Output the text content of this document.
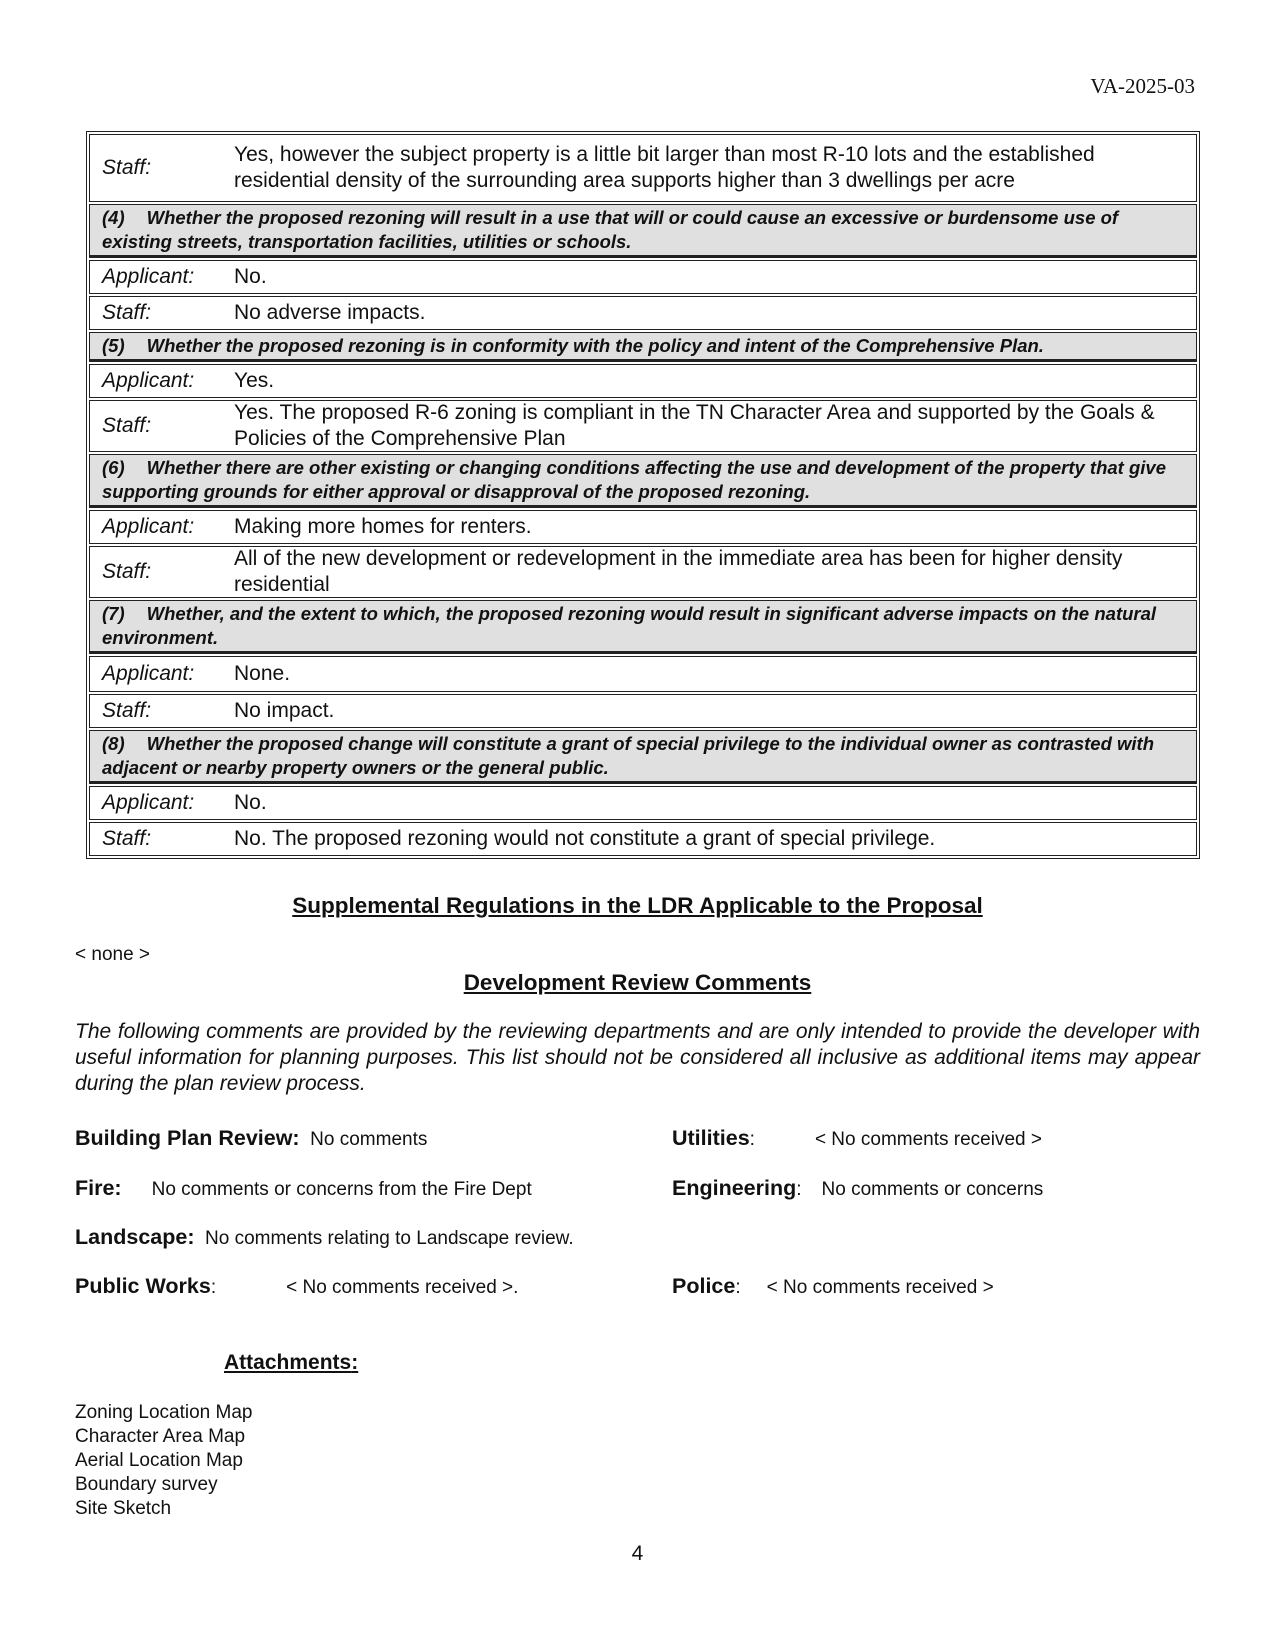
VA-2025-03
Staff:
Yes, however the subject property is a little bit larger than most R-10 lots and the established residential density of the surrounding area supports higher than 3 dwellings per acre
(4) Whether the proposed rezoning will result in a use that will or could cause an excessive or burdensome use of existing streets, transportation facilities, utilities or schools.
Applicant:	No.
Staff:	No adverse impacts.
(5) Whether the proposed rezoning is in conformity with the policy and intent of the Comprehensive Plan.
Applicant:	Yes.
Staff:
Yes. The proposed R-6 zoning is compliant in the TN Character Area and supported by the Goals & Policies of the Comprehensive Plan
(6) Whether there are other existing or changing conditions affecting the use and development of the property that give supporting grounds for either approval or disapproval of the proposed rezoning.
Applicant:	Making more homes for renters.
Staff:
All of the new development or redevelopment in the immediate area has been for higher density residential
(7) Whether, and the extent to which, the proposed rezoning would result in significant adverse impacts on the natural environment.
Applicant:	None.
Staff:	No impact.
(8) Whether the proposed change will constitute a grant of special privilege to the individual owner as contrasted with adjacent or nearby property owners or the general public.
Applicant:	No.
Staff:	No. The proposed rezoning would not constitute a grant of special privilege.
Supplemental Regulations in the LDR Applicable to the Proposal
< none >
Development Review Comments
The following comments are provided by the reviewing departments and are only intended to provide the developer with useful information for planning purposes. This list should not be considered all inclusive as additional items may appear during the plan review process.
Building Plan Review: No comments	Utilities:	< No comments received >
Fire: No comments or concerns from the Fire Dept	Engineering: No comments or concerns
Landscape: No comments relating to Landscape review.
Public Works:	< No comments received >.	Police: < No comments received >
Attachments:
Zoning Location Map
Character Area Map
Aerial Location Map
Boundary survey
Site Sketch
4
